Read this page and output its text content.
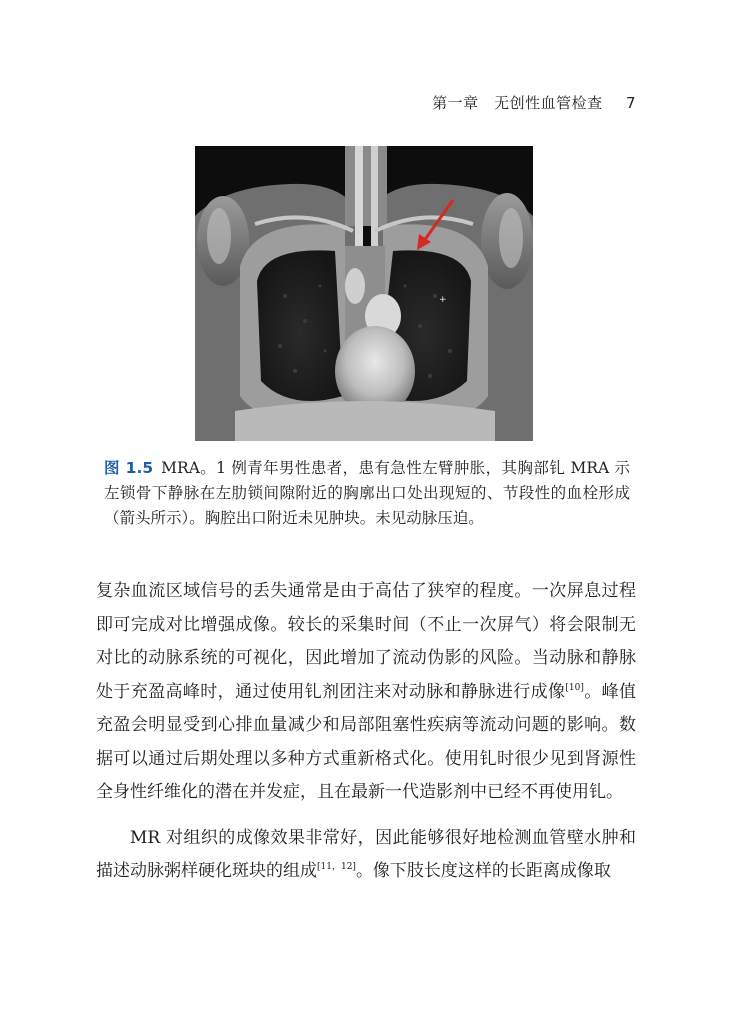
第一章　无创性血管检查 7
+
图 1.5 MRA。1 例青年男性患者，患有急性左臂肿胀，其胸部钆 MRA 示左锁骨下静脉在左肋锁间隙附近的胸廓出口处出现短的、节段性的血栓形成（箭头所示）。胸腔出口附近未见肿块。未见动脉压迫。

复杂血流区域信号的丢失通常是由于高估了狭窄的程度。一次屏息过程即可完成对比增强成像。较长的采集时间（不止一次屏气）将会限制无对比的动脉系统的可视化，因此增加了流动伪影的风险。当动脉和静脉处于充盈高峰时，通过使用钆剂团注来对动脉和静脉进行成像[10]。峰值充盈会明显受到心排血量减少和局部阻塞性疾病等流动问题的影响。数据可以通过后期处理以多种方式重新格式化。使用钆时很少见到肾源性全身性纤维化的潜在并发症，且在最新一代造影剂中已经不再使用钆。

MR 对组织的成像效果非常好，因此能够很好地检测血管壁水肿和描述动脉粥样硬化斑块的组成[11，12]。像下肢长度这样的长距离成像取
